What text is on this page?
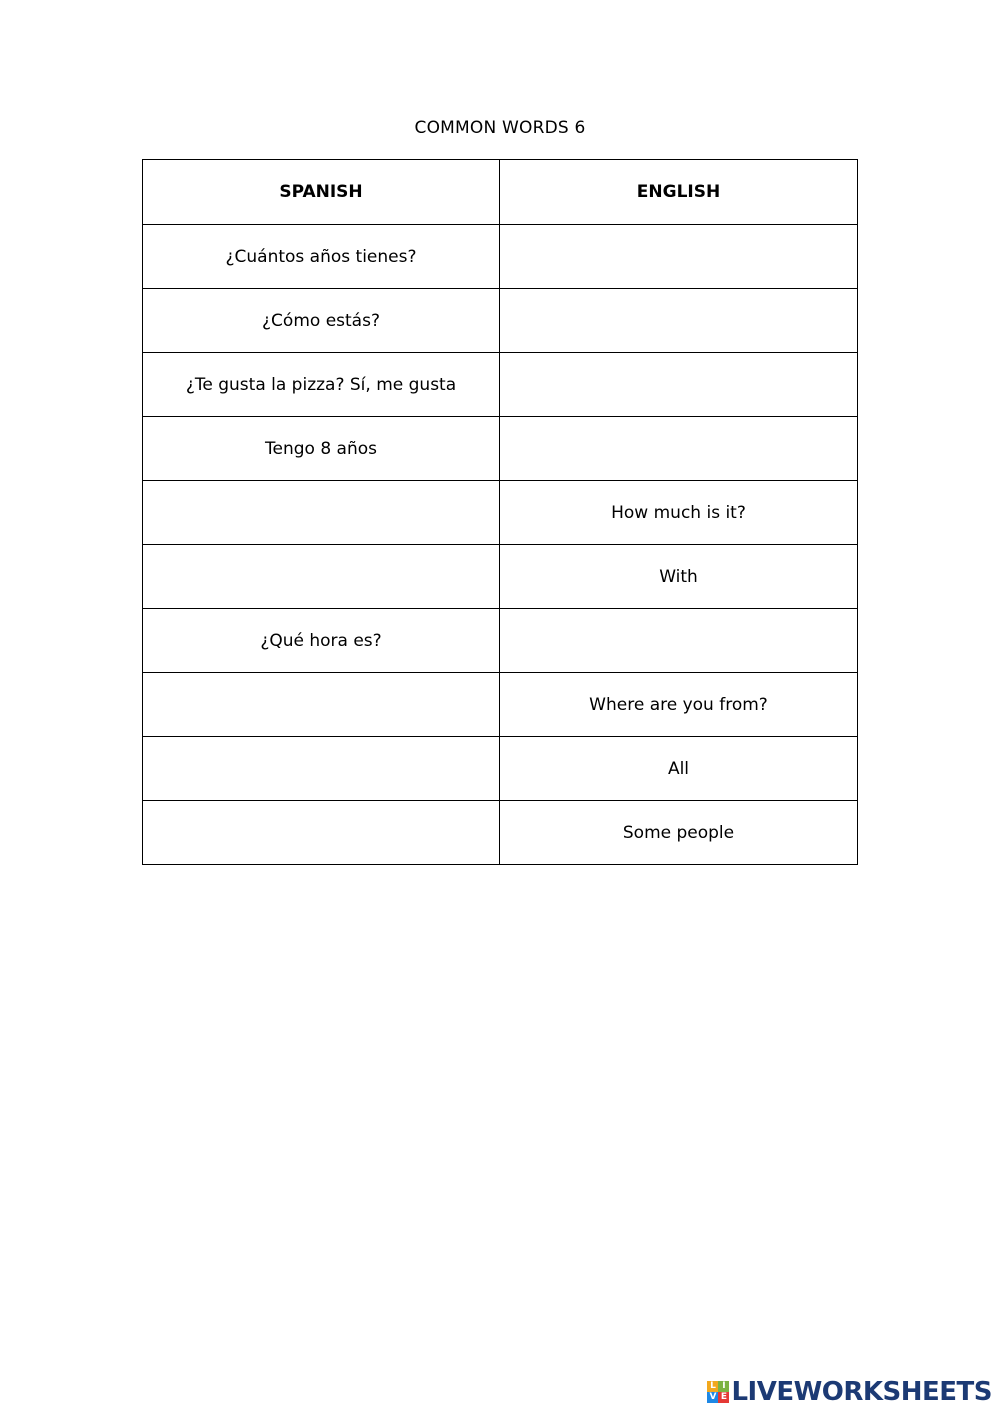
COMMON WORDS 6
SPANISH	ENGLISH
¿Cuántos años tienes?	
¿Cómo estás?	
¿Te gusta la pizza? Sí, me gusta	
Tengo 8 años	
	How much is it?
	With
¿Qué hora es?	
	Where are you from?
	All
	Some people
L I
V E LIVEWORKSHEETS
